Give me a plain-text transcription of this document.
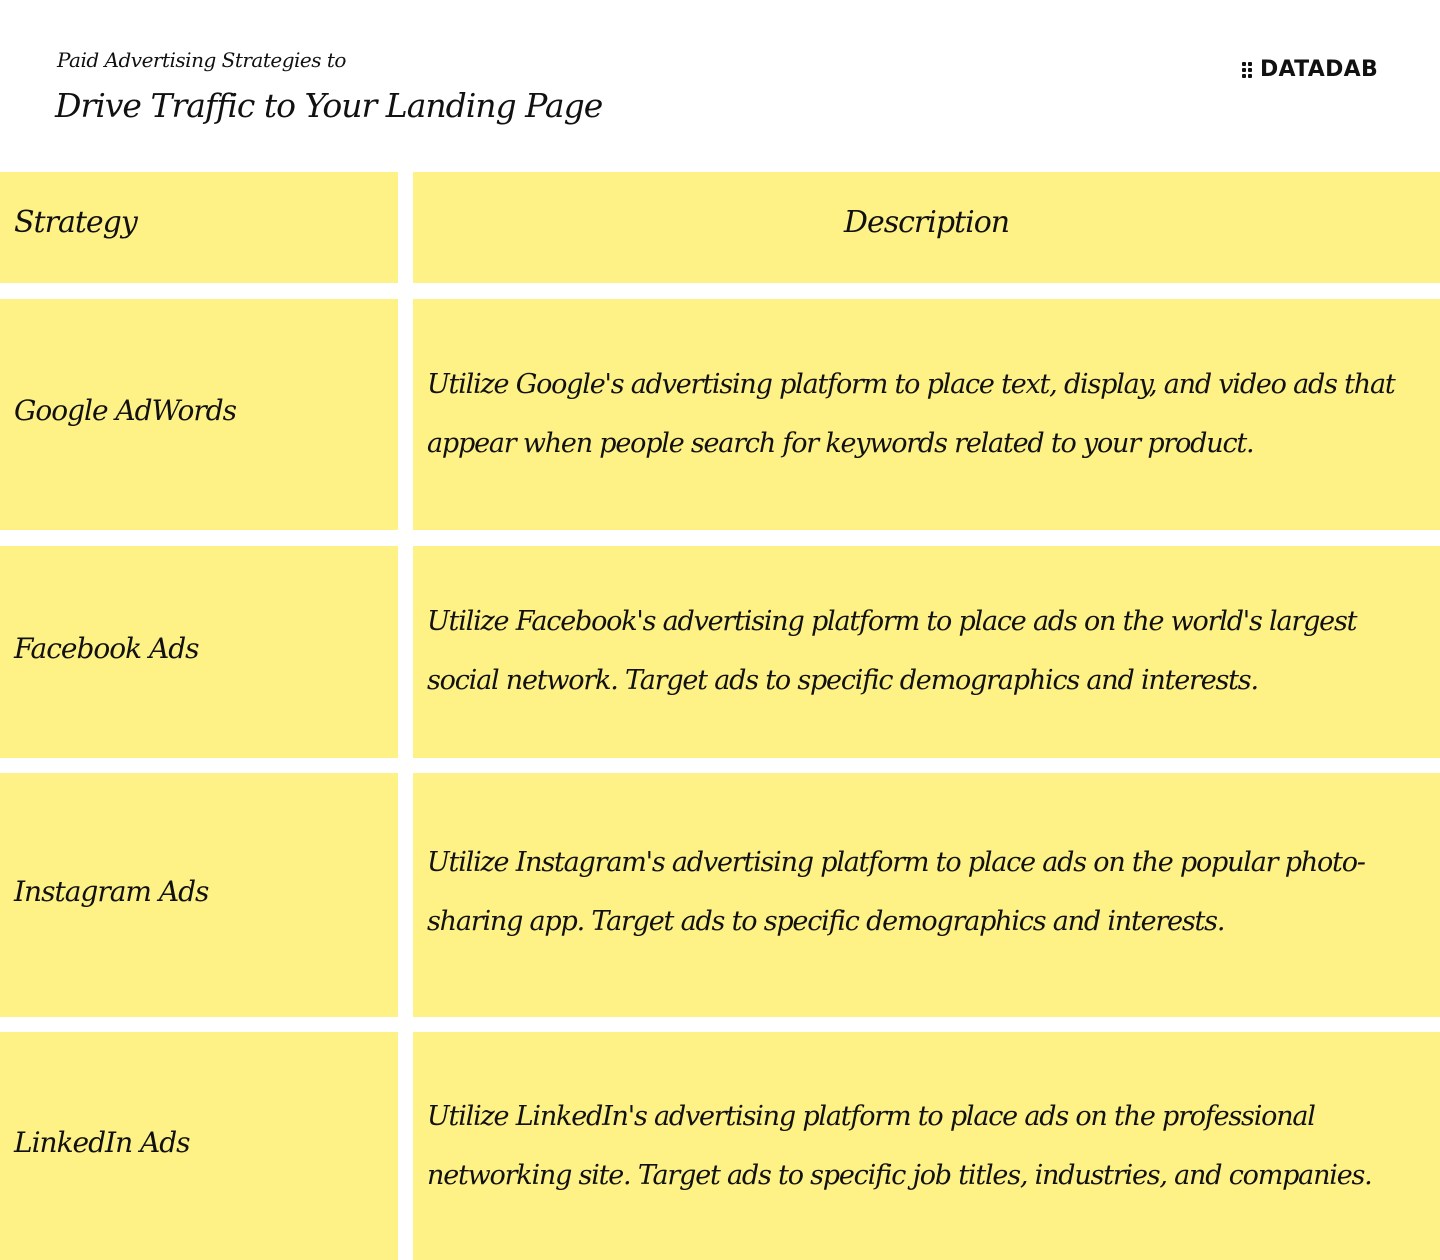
Paid Advertising Strategies to
Drive Traffic to Your Landing Page
DATADAB
Strategy	Description
Google AdWords
Utilize Google's advertising platform to place text, display, and video ads that appear when people search for keywords related to your product.
Facebook Ads
Utilize Facebook's advertising platform to place ads on the world's largest social network. Target ads to specific demographics and interests.
Instagram Ads
Utilize Instagram's advertising platform to place ads on the popular photo-sharing app. Target ads to specific demographics and interests.
LinkedIn Ads
Utilize LinkedIn's advertising platform to place ads on the professional networking site. Target ads to specific job titles, industries, and companies.
